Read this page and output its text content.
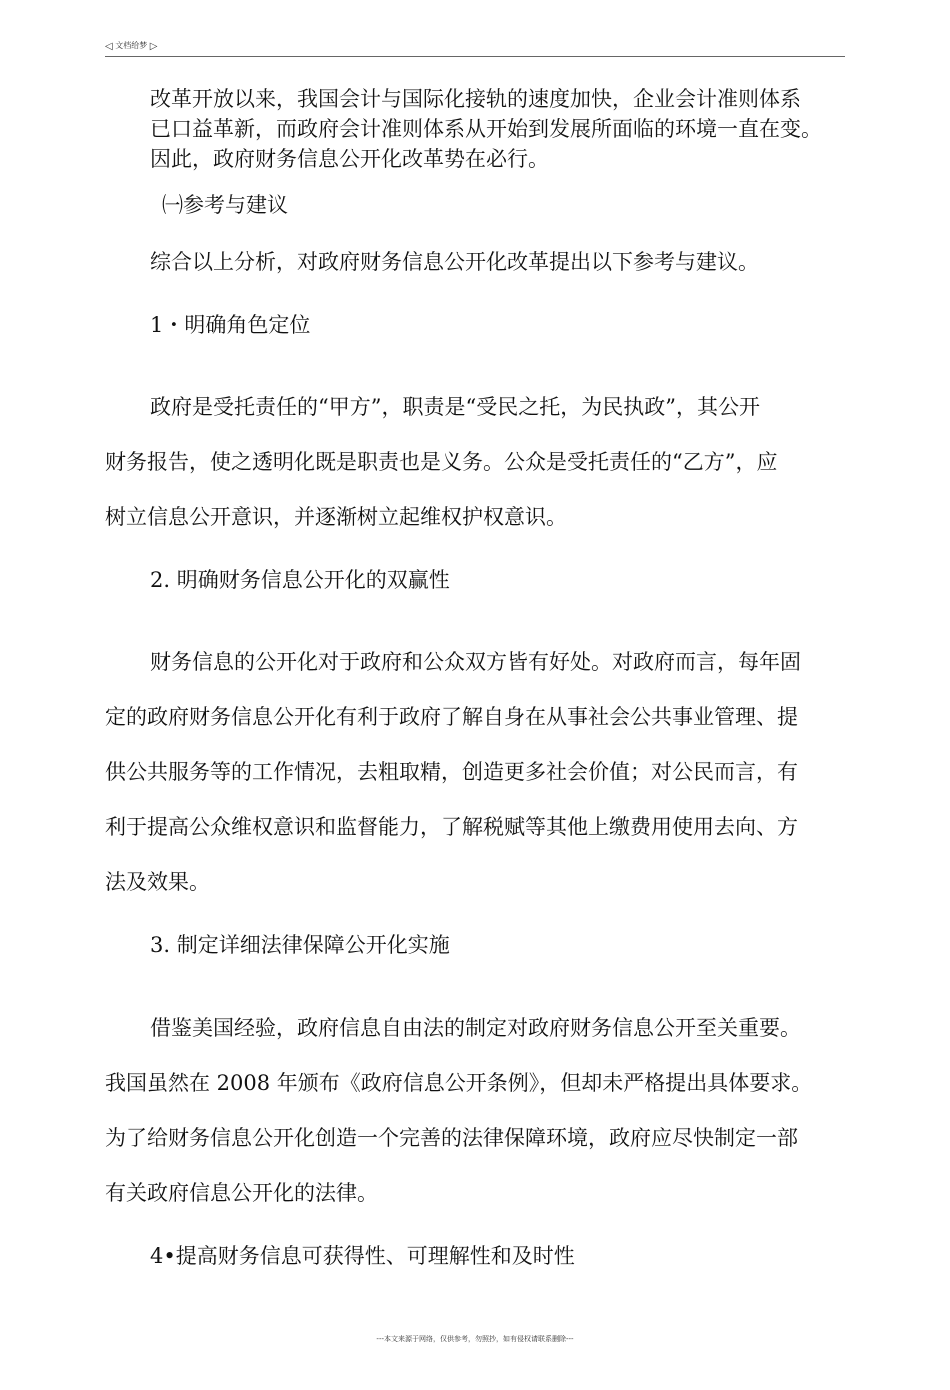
◁ 文档给梦 ▷

改革开放以来，我国会计与国际化接轨的速度加快，企业会计准则体系

已口益革新，而政府会计准则体系从开始到发展所面临的环境一直在变。

因此，政府财务信息公开化改革势在必行。

㈠参考与建议

综合以上分析，对政府财务信息公开化改革提出以下参考与建议。

1・明确角色定位

政府是受托责任的“甲方”，职责是“受民之托，为民执政”，其公开

财务报告，使之透明化既是职责也是义务。公众是受托责任的“乙方”，应

树立信息公开意识，并逐渐树立起维权护权意识。

2. 明确财务信息公开化的双赢性

财务信息的公开化对于政府和公众双方皆有好处。对政府而言，每年固

定的政府财务信息公开化有利于政府了解自身在从事社会公共事业管理、提

供公共服务等的工作情况，去粗取精，创造更多社会价值；对公民而言，有

利于提高公众维权意识和监督能力，了解税赋等其他上缴费用使用去向、方

法及效果。

3. 制定详细法律保障公开化实施

借鉴美国经验，政府信息自由法的制定对政府财务信息公开至关重要。

我国虽然在 2008 年颁布《政府信息公开条例》，但却未严格提出具体要求。

为了给财务信息公开化创造一个完善的法律保障环境，政府应尽快制定一部

有关政府信息公开化的法律。

4•提高财务信息可获得性、可理解性和及时性

---本文来源于网络，仅供参考，勿照抄，如有侵权请联系删除---
